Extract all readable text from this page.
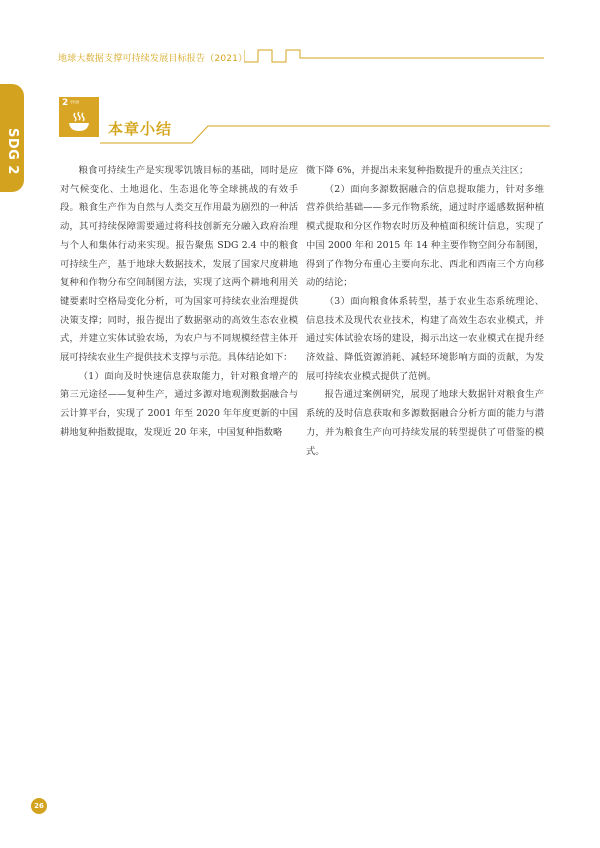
地球大数据支撑可持续发展目标报告（2021）
SDG 2
2 零饥饿
本章小结

粮食可持续生产是实现零饥饿目标的基础，同时是应对气候变化、土地退化、生态退化等全球挑战的有效手段。粮食生产作为自然与人类交互作用最为剧烈的一种活动，其可持续保障需要通过将科技创新充分融入政府治理与个人和集体行动来实现。报告聚焦 SDG 2.4 中的粮食可持续生产，基于地球大数据技术，发展了国家尺度耕地复种和作物分布空间制图方法，实现了这两个耕地利用关键要素时空格局变化分析，可为国家可持续农业治理提供决策支撑；同时，报告提出了数据驱动的高效生态农业模式，并建立实体试验农场，为农户与不同规模经营主体开展可持续农业生产提供技术支撑与示范。具体结论如下：

（1）面向及时快速信息获取能力，针对粮食增产的第三元途径——复种生产，通过多源对地观测数据融合与云计算平台，实现了 2001 年至 2020 年年度更新的中国耕地复种指数提取，发现近 20 年来，中国复种指数略

微下降 6%，并提出未来复种指数提升的重点关注区；

（2）面向多源数据融合的信息提取能力，针对多维营养供给基础——多元作物系统，通过时序遥感数据种植模式提取和分区作物农时历及种植面积统计信息，实现了中国 2000 年和 2015 年 14 种主要作物空间分布制图，得到了作物分布重心主要向东北、西北和西南三个方向移动的结论；

（3）面向粮食体系转型，基于农业生态系统理论、信息技术及现代农业技术，构建了高效生态农业模式，并通过实体试验农场的建设，揭示出这一农业模式在提升经济效益、降低资源消耗、减轻环境影响方面的贡献，为发展可持续农业模式提供了范例。

报告通过案例研究，展现了地球大数据针对粮食生产系统的及时信息获取和多源数据融合分析方面的能力与潜力，并为粮食生产向可持续发展的转型提供了可借鉴的模式。

26
